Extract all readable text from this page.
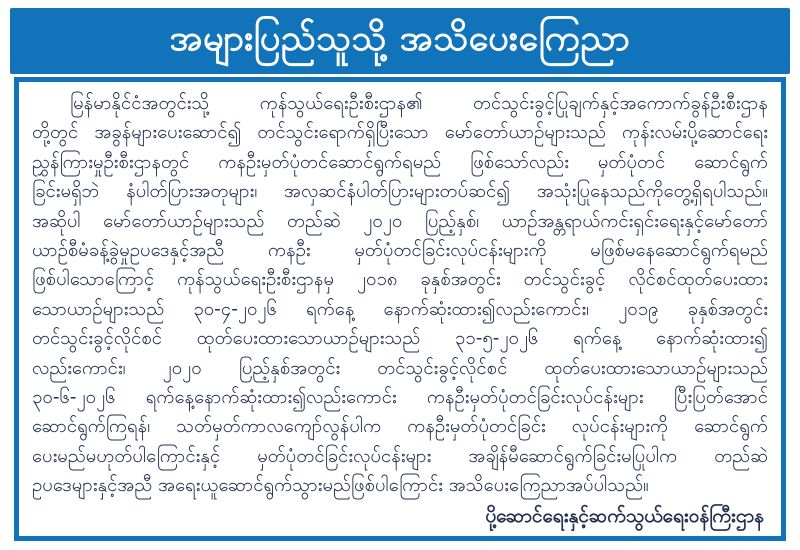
အများပြည်သူသို့ အသိပေးကြေညာ
မြန်မာနိုင်ငံအတွင်းသို့ ကုန်သွယ်ရေးဦးစီးဌာန၏ တင်သွင်းခွင့်ပြုချက်နှင့်အကောက်ခွန်ဦးစီးဌာန
တို့တွင် အခွန်များပေးဆောင်၍ တင်သွင်းရောက်ရှိပြီးသော မော်တော်ယာဉ်များသည် ကုန်းလမ်းပို့ဆောင်ရေး
ညွှန်ကြားမှုဦးစီးဌာနတွင် ကနဦးမှတ်ပုံတင်ဆောင်ရွက်ရမည် ဖြစ်သော်လည်း မှတ်ပုံတင် ဆောင်ရွက်
ခြင်းမရှိဘဲ နံပါတ်ပြားအတုများ၊ အလှဆင်နံပါတ်ပြားများတပ်ဆင်၍ အသုံးပြုနေသည်ကိုတွေ့ရှိရပါသည်။
အဆိုပါ မော်တော်ယာဉ်များသည် တည်ဆဲ ၂၀၂၀ ပြည့်နှစ်၊ ယာဉ်အန္တရာယ်ကင်းရှင်းရေးနှင့်မော်တော်
ယာဉ်စီမံခန့်ခွဲမှုဥပဒေနှင့်အညီ ကနဦး မှတ်ပုံတင်ခြင်းလုပ်ငန်းများကို မဖြစ်မနေဆောင်ရွက်ရမည်
ဖြစ်ပါသောကြောင့် ကုန်သွယ်ရေးဦးစီးဌာနမှ ၂၀၁၈ ခုနှစ်အတွင်း တင်သွင်းခွင့် လိုင်စင်ထုတ်ပေးထား
သောယာဉ်များသည် ၃၀-၄-၂၀၂၆ ရက်နေ့ နောက်ဆုံးထား၍လည်းကောင်း၊ ၂၀၁၉ ခုနှစ်အတွင်း
တင်သွင်းခွင့်လိုင်စင် ထုတ်ပေးထားသောယာဉ်များသည် ၃၁-၅-၂၀၂၆ ရက်နေ့ နောက်ဆုံးထား၍
လည်းကောင်း၊ ၂၀၂၀ ပြည့်နှစ်အတွင်း တင်သွင်းခွင့်လိုင်စင် ထုတ်ပေးထားသောယာဉ်များသည်
၃၀-၆-၂၀၂၆ ရက်နေ့နောက်ဆုံးထား၍လည်းကောင်း ကနဦးမှတ်ပုံတင်ခြင်းလုပ်ငန်းများ ပြီးပြတ်အောင်
ဆောင်ရွက်ကြရန်၊ သတ်မှတ်ကာလကျော်လွန်ပါက ကနဦးမှတ်ပုံတင်ခြင်း လုပ်ငန်းများကို ဆောင်ရွက်
ပေးမည်မဟုတ်ပါကြောင်းနှင့် မှတ်ပုံတင်ခြင်းလုပ်ငန်းများ အချိန်မီဆောင်ရွက်ခြင်းမပြုပါက တည်ဆဲ
ဥပဒေများနှင့်အညီ အရေးယူဆောင်ရွက်သွားမည်ဖြစ်ပါကြောင်း အသိပေးကြေညာအပ်ပါသည်။
ပို့ဆောင်ရေးနှင့်ဆက်သွယ်ရေးဝန်ကြီးဌာန
